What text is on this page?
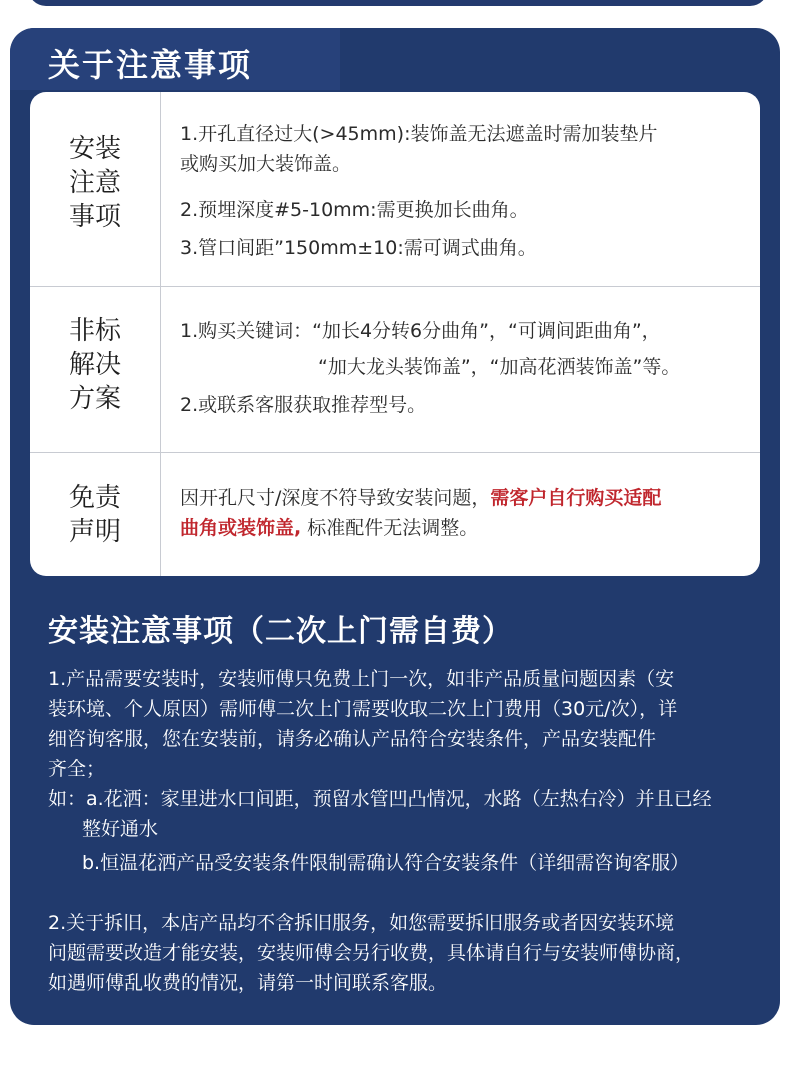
关于注意事项
安装
注意
事项

1.开孔直径过大(>45mm):装饰盖无法遮盖时需加装垫片

或购买加大装饰盖。

2.预埋深度#5-10mm:需更换加长曲角。

3.管口间距”150mm±10:需可调式曲角。

非标
解决
方案

1.购买关键词：“加长4分转6分曲角”，“可调间距曲角”，

“加大龙头装饰盖”，“加高花洒装饰盖”等。

2.或联系客服获取推荐型号。

免责
声明

因开孔尺寸/深度不符导致安装问题，需客户自行购买适配

曲角或装饰盖, 标准配件无法调整。

安装注意事项（二次上门需自费）

1.产品需要安装时，安装师傅只免费上门一次，如非产品质量问题因素（安

装环境、个人原因）需师傅二次上门需要收取二次上门费用（30元/次），详

细咨询客服，您在安装前，请务必确认产品符合安装条件，产品安装配件

齐全；

如：a.花洒：家里进水口间距，预留水管凹凸情况，水路（左热右冷）并且已经

整好通水

b.恒温花洒产品受安装条件限制需确认符合安装条件（详细需咨询客服）

2.关于拆旧，本店产品均不含拆旧服务，如您需要拆旧服务或者因安装环境

问题需要改造才能安装，安装师傅会另行收费，具体请自行与安装师傅协商，

如遇师傅乱收费的情况，请第一时间联系客服。
